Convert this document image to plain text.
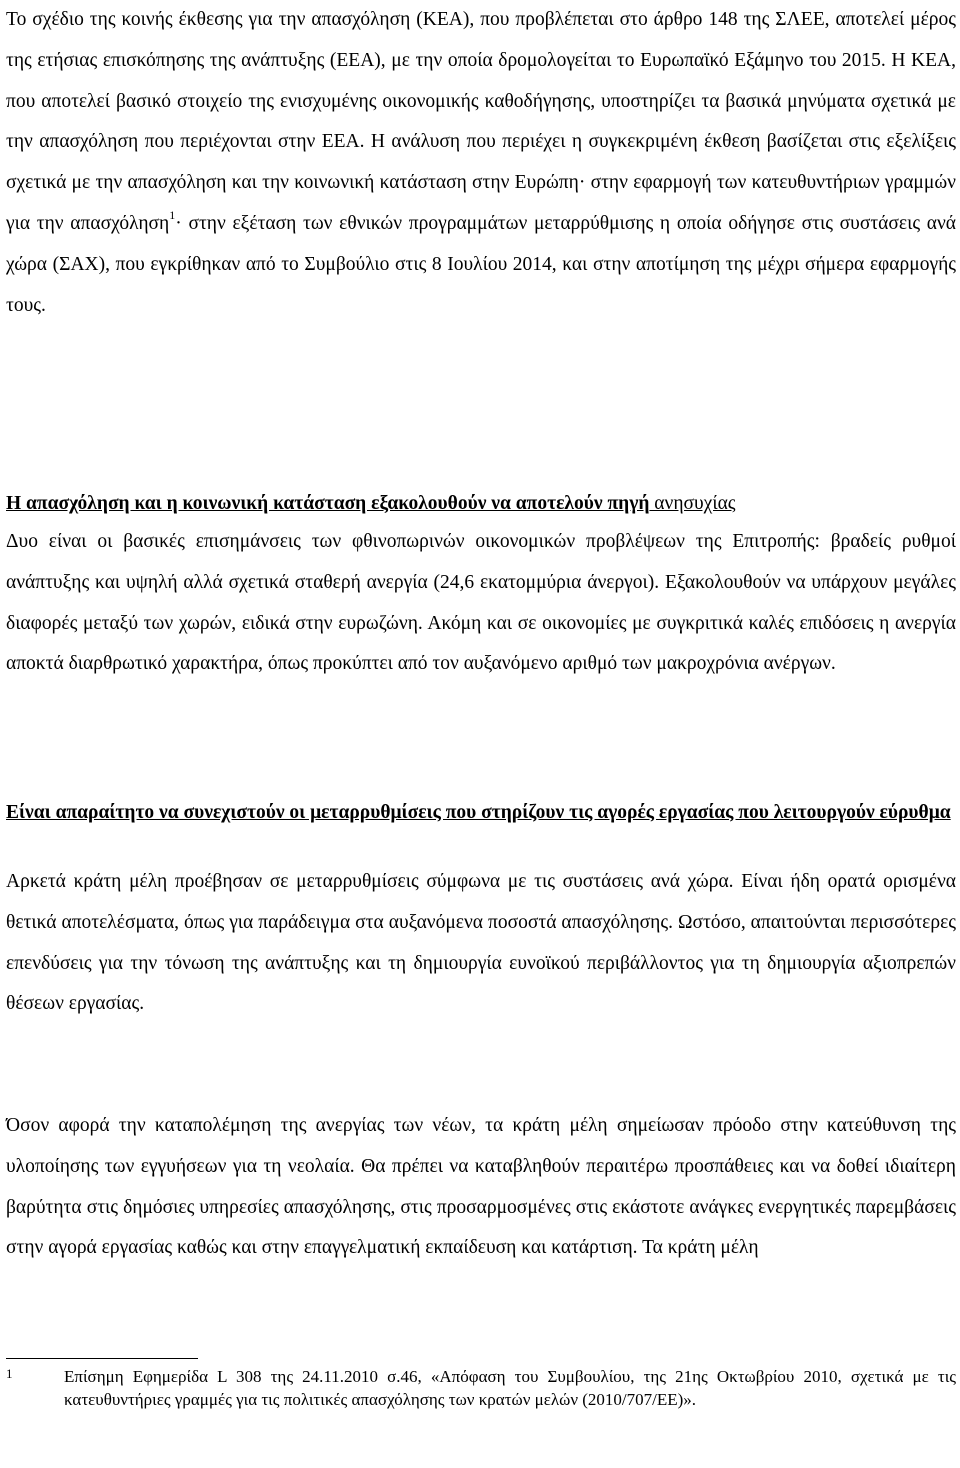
Το σχέδιο της κοινής έκθεσης για την απασχόληση (ΚΕΑ), που προβλέπεται στο άρθρο 148 της ΣΛΕΕ, αποτελεί μέρος της ετήσιας επισκόπησης της ανάπτυξης (ΕΕΑ), με την οποία δρομολογείται το Ευρωπαϊκό Εξάμηνο του 2015. Η ΚΕΑ, που αποτελεί βασικό στοιχείο της ενισχυμένης οικονομικής καθοδήγησης, υποστηρίζει τα βασικά μηνύματα σχετικά με την απασχόληση που περιέχονται στην ΕΕΑ. Η ανάλυση που περιέχει η συγκεκριμένη έκθεση βασίζεται στις εξελίξεις σχετικά με την απασχόληση και την κοινωνική κατάσταση στην Ευρώπη· στην εφαρμογή των κατευθυντήριων γραμμών για την απασχόληση$^1$· στην εξέταση των εθνικών προγραμμάτων μεταρρύθμισης η οποία οδήγησε στις συστάσεις ανά χώρα (ΣΑΧ), που εγκρίθηκαν από το Συμβούλιο στις 8 Ιουλίου 2014, και στην αποτίμηση της μέχρι σήμερα εφαρμογής τους.

Η απασχόληση και η κοινωνική κατάσταση εξακολουθούν να αποτελούν πηγή ανησυχίας

Δυο είναι οι βασικές επισημάνσεις των φθινοπωρινών οικονομικών προβλέψεων της Επιτροπής: βραδείς ρυθμοί ανάπτυξης και υψηλή αλλά σχετικά σταθερή ανεργία (24,6 εκατομμύρια άνεργοι). Εξακολουθούν να υπάρχουν μεγάλες διαφορές μεταξύ των χωρών, ειδικά στην ευρωζώνη. Ακόμη και σε οικονομίες με συγκριτικά καλές επιδόσεις η ανεργία αποκτά διαρθρωτικό χαρακτήρα, όπως προκύπτει από τον αυξανόμενο αριθμό των μακροχρόνια ανέργων.

Είναι απαραίτητο να συνεχιστούν οι μεταρρυθμίσεις που στηρίζουν τις αγορές εργασίας που λειτουργούν εύρυθμα

Αρκετά κράτη μέλη προέβησαν σε μεταρρυθμίσεις σύμφωνα με τις συστάσεις ανά χώρα. Είναι ήδη ορατά ορισμένα θετικά αποτελέσματα, όπως για παράδειγμα στα αυξανόμενα ποσοστά απασχόλησης. Ωστόσο, απαιτούνται περισσότερες επενδύσεις για την τόνωση της ανάπτυξης και τη δημιουργία ευνοϊκού περιβάλλοντος για τη δημιουργία αξιοπρεπών θέσεων εργασίας.

Όσον αφορά την καταπολέμηση της ανεργίας των νέων, τα κράτη μέλη σημείωσαν πρόοδο στην κατεύθυνση της υλοποίησης των εγγυήσεων για τη νεολαία. Θα πρέπει να καταβληθούν περαιτέρω προσπάθειες και να δοθεί ιδιαίτερη βαρύτητα στις δημόσιες υπηρεσίες απασχόλησης, στις προσαρμοσμένες στις εκάστοτε ανάγκες ενεργητικές παρεμβάσεις στην αγορά εργασίας καθώς και στην επαγγελματική εκπαίδευση και κατάρτιση. Τα κράτη μέλη

1	Επίσημη Εφημερίδα L 308 της 24.11.2010 σ.46, «Απόφαση του Συμβουλίου, της 21ης Οκτωβρίου 2010, σχετικά με τις κατευθυντήριες γραμμές για τις πολιτικές απασχόλησης των κρατών μελών (2010/707/ΕΕ)».
